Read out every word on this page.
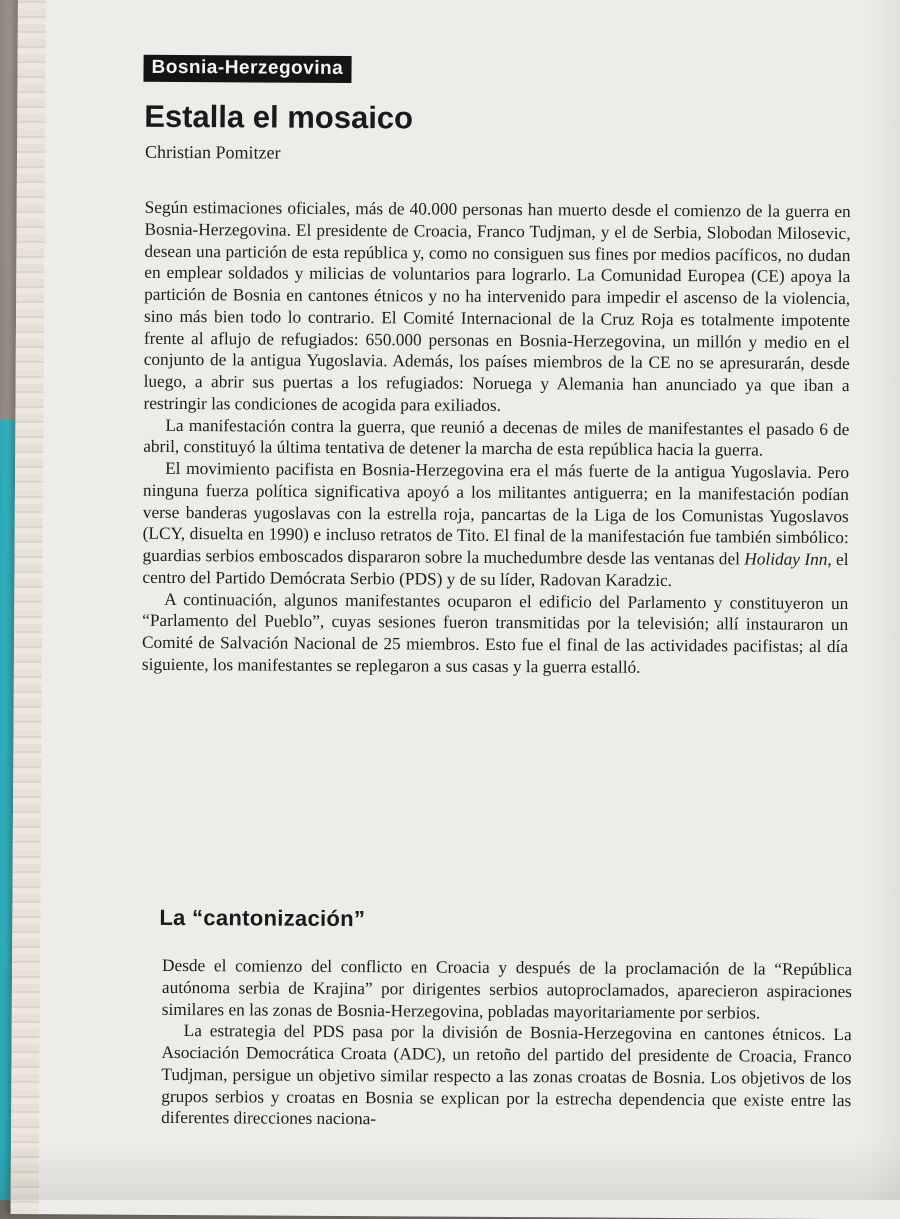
Bosnia-Herzegovina
Estalla el mosaico
Christian Pomitzer

Según estimaciones oficiales, más de 40.000 personas han muerto desde el comienzo de la guerra en Bosnia-Herzegovina. El presidente de Croacia, Franco Tudjman, y el de Serbia, Slobodan Milosevic, desean una partición de esta república y, como no consiguen sus fines por medios pacíficos, no dudan en emplear soldados y milicias de voluntarios para lograrlo. La Comunidad Europea (CE) apoya la partición de Bosnia en cantones étnicos y no ha intervenido para impedir el ascenso de la violencia, sino más bien todo lo contrario. El Comité Internacional de la Cruz Roja es totalmente impotente frente al aflujo de refugiados: 650.000 personas en Bosnia-Herzegovina, un millón y medio en el conjunto de la antigua Yugoslavia. Además, los países miembros de la CE no se apresurarán, desde luego, a abrir sus puertas a los refugiados: Noruega y Alemania han anunciado ya que iban a restringir las condiciones de acogida para exiliados.

La manifestación contra la guerra, que reunió a decenas de miles de manifestantes el pasado 6 de abril, constituyó la última tentativa de detener la marcha de esta república hacia la guerra.

El movimiento pacifista en Bosnia-Herzegovina era el más fuerte de la antigua Yugoslavia. Pero ninguna fuerza política significativa apoyó a los militantes antiguerra; en la manifestación podían verse banderas yugoslavas con la estrella roja, pancartas de la Liga de los Comunistas Yugoslavos (LCY, disuelta en 1990) e incluso retratos de Tito. El final de la manifestación fue también simbólico: guardias serbios emboscados dispararon sobre la muchedumbre desde las ventanas del Holiday Inn, el centro del Partido Demócrata Serbio (PDS) y de su líder, Radovan Karadzic.

A continuación, algunos manifestantes ocuparon el edificio del Parlamento y constituyeron un “Parlamento del Pueblo”, cuyas sesiones fueron transmitidas por la televisión; allí instauraron un Comité de Salvación Nacional de 25 miembros. Esto fue el final de las actividades pacifistas; al día siguiente, los manifestantes se replegaron a sus casas y la guerra estalló.

La “cantonización”

Desde el comienzo del conflicto en Croacia y después de la proclamación de la “República autónoma serbia de Krajina” por dirigentes serbios autoproclamados, aparecieron aspiraciones similares en las zonas de Bosnia-Herzegovina, pobladas mayoritariamente por serbios.

La estrategia del PDS pasa por la división de Bosnia-Herzegovina en cantones étnicos. La Asociación Democrática Croata (ADC), un retoño del partido del presidente de Croacia, Franco Tudjman, persigue un objetivo similar respecto a las zonas croatas de Bosnia. Los objetivos de los grupos serbios y croatas en Bosnia se explican por la estrecha dependencia que existe entre las diferentes direcciones naciona-
